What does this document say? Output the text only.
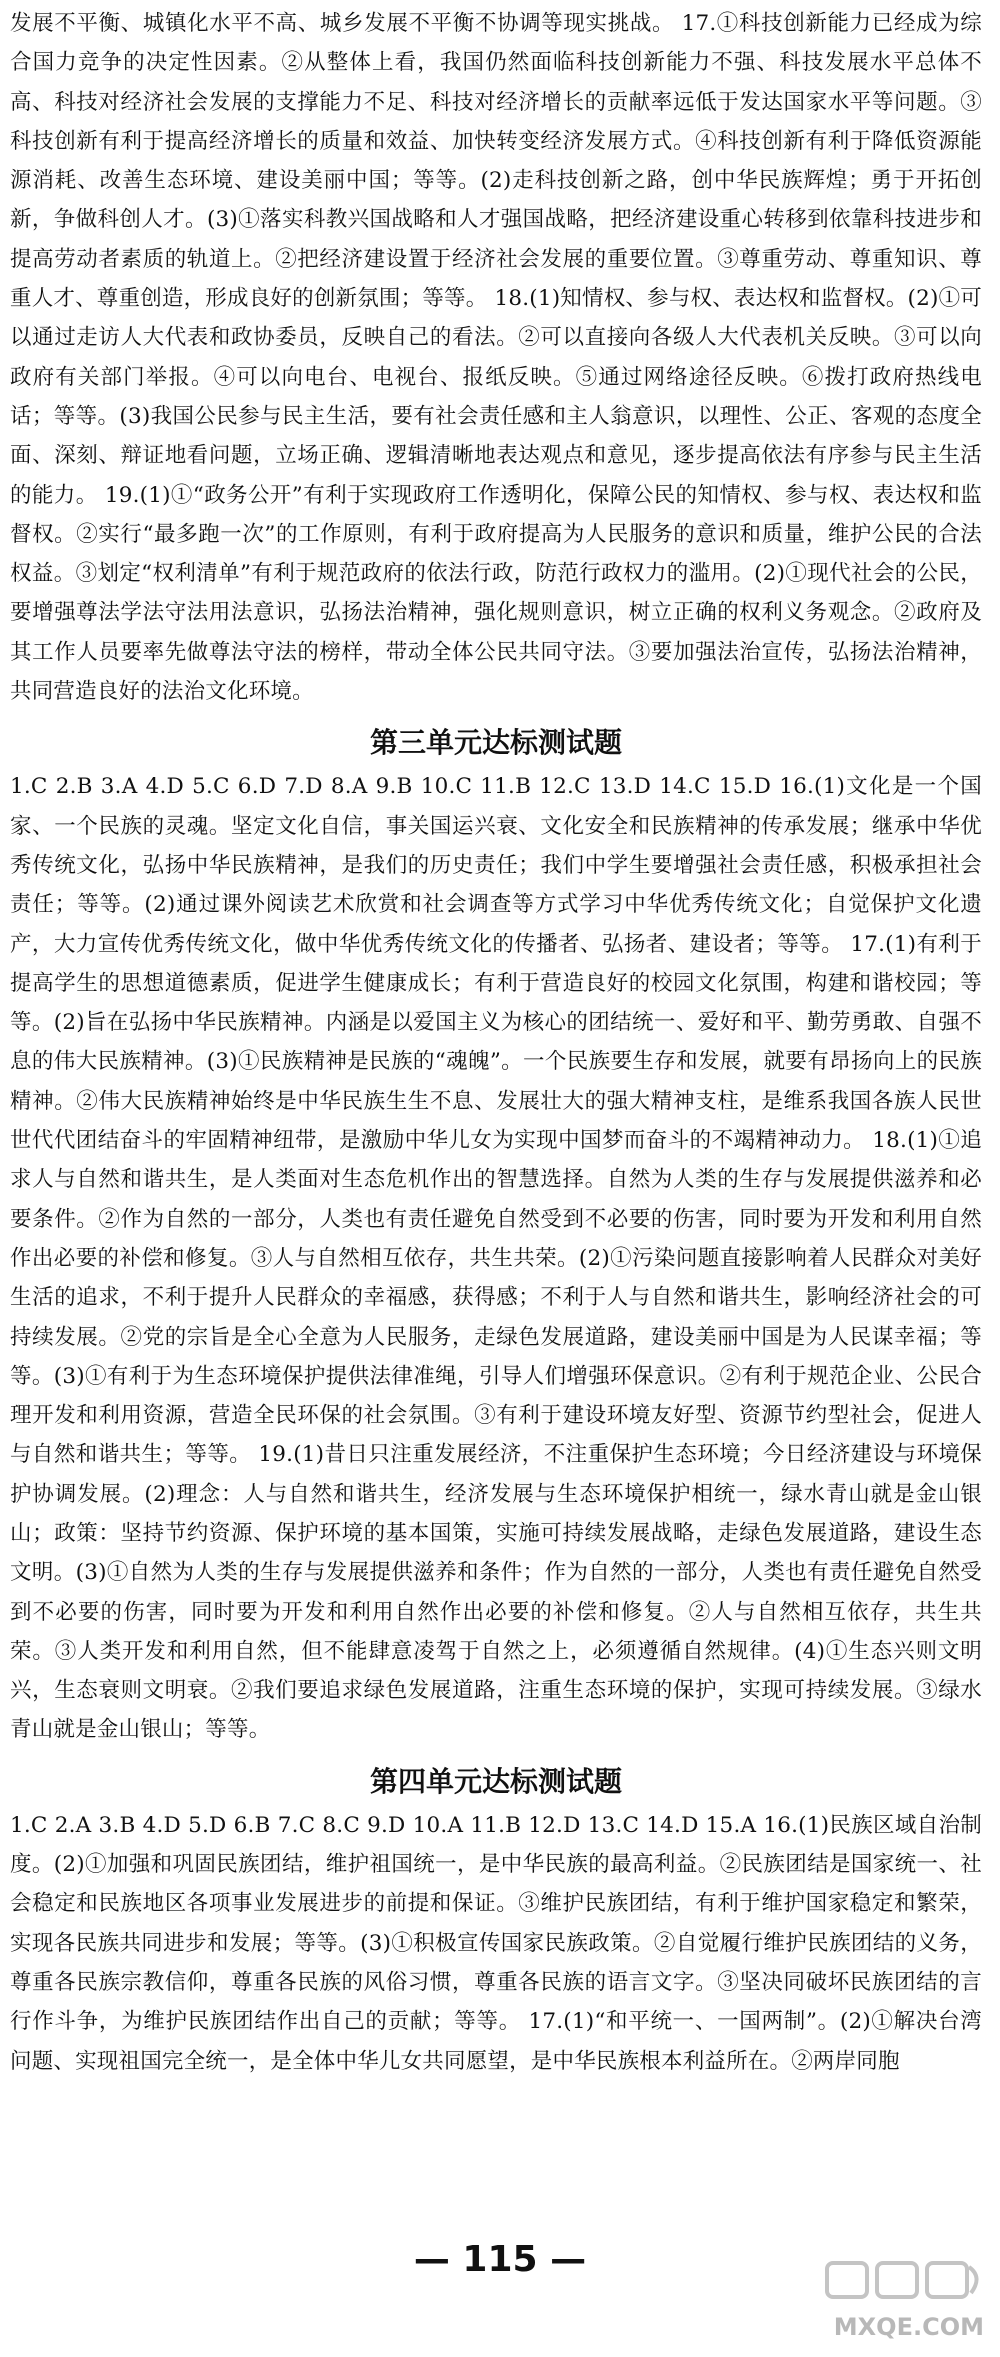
发展不平衡、城镇化水平不高、城乡发展不平衡不协调等现实挑战。 17.①科技创新能力已经成为综合国力竞争的决定性因素。②从整体上看，我国仍然面临科技创新能力不强、科技发展水平总体不高、科技对经济社会发展的支撑能力不足、科技对经济增长的贡献率远低于发达国家水平等问题。③科技创新有利于提高经济增长的质量和效益、加快转变经济发展方式。④科技创新有利于降低资源能源消耗、改善生态环境、建设美丽中国；等等。(2)走科技创新之路，创中华民族辉煌；勇于开拓创新，争做科创人才。(3)①落实科教兴国战略和人才强国战略，把经济建设重心转移到依靠科技进步和提高劳动者素质的轨道上。②把经济建设置于经济社会发展的重要位置。③尊重劳动、尊重知识、尊重人才、尊重创造，形成良好的创新氛围；等等。 18.(1)知情权、参与权、表达权和监督权。(2)①可以通过走访人大代表和政协委员，反映自己的看法。②可以直接向各级人大代表机关反映。③可以向政府有关部门举报。④可以向电台、电视台、报纸反映。⑤通过网络途径反映。⑥拨打政府热线电话；等等。(3)我国公民参与民主生活，要有社会责任感和主人翁意识，以理性、公正、客观的态度全面、深刻、辩证地看问题，立场正确、逻辑清晰地表达观点和意见，逐步提高依法有序参与民主生活的能力。 19.(1)①“政务公开”有利于实现政府工作透明化，保障公民的知情权、参与权、表达权和监督权。②实行“最多跑一次”的工作原则，有利于政府提高为人民服务的意识和质量，维护公民的合法权益。③划定“权利清单”有利于规范政府的依法行政，防范行政权力的滥用。(2)①现代社会的公民，要增强尊法学法守法用法意识，弘扬法治精神，强化规则意识，树立正确的权利义务观念。②政府及其工作人员要率先做尊法守法的榜样，带动全体公民共同守法。③要加强法治宣传，弘扬法治精神，共同营造良好的法治文化环境。

第三单元达标测试题

1.C 2.B 3.A 4.D 5.C 6.D 7.D 8.A 9.B 10.C 11.B 12.C 13.D 14.C 15.D 16.(1)文化是一个国家、一个民族的灵魂。坚定文化自信，事关国运兴衰、文化安全和民族精神的传承发展；继承中华优秀传统文化，弘扬中华民族精神，是我们的历史责任；我们中学生要增强社会责任感，积极承担社会责任；等等。(2)通过课外阅读艺术欣赏和社会调查等方式学习中华优秀传统文化；自觉保护文化遗产，大力宣传优秀传统文化，做中华优秀传统文化的传播者、弘扬者、建设者；等等。 17.(1)有利于提高学生的思想道德素质，促进学生健康成长；有利于营造良好的校园文化氛围，构建和谐校园；等等。(2)旨在弘扬中华民族精神。内涵是以爱国主义为核心的团结统一、爱好和平、勤劳勇敢、自强不息的伟大民族精神。(3)①民族精神是民族的“魂魄”。一个民族要生存和发展，就要有昂扬向上的民族精神。②伟大民族精神始终是中华民族生生不息、发展壮大的强大精神支柱，是维系我国各族人民世世代代团结奋斗的牢固精神纽带，是激励中华儿女为实现中国梦而奋斗的不竭精神动力。 18.(1)①追求人与自然和谐共生，是人类面对生态危机作出的智慧选择。自然为人类的生存与发展提供滋养和必要条件。②作为自然的一部分，人类也有责任避免自然受到不必要的伤害，同时要为开发和利用自然作出必要的补偿和修复。③人与自然相互依存，共生共荣。(2)①污染问题直接影响着人民群众对美好生活的追求，不利于提升人民群众的幸福感，获得感；不利于人与自然和谐共生，影响经济社会的可持续发展。②党的宗旨是全心全意为人民服务，走绿色发展道路，建设美丽中国是为人民谋幸福；等等。(3)①有利于为生态环境保护提供法律准绳，引导人们增强环保意识。②有利于规范企业、公民合理开发和利用资源，营造全民环保的社会氛围。③有利于建设环境友好型、资源节约型社会，促进人与自然和谐共生；等等。 19.(1)昔日只注重发展经济，不注重保护生态环境；今日经济建设与环境保护协调发展。(2)理念：人与自然和谐共生，经济发展与生态环境保护相统一，绿水青山就是金山银山；政策：坚持节约资源、保护环境的基本国策，实施可持续发展战略，走绿色发展道路，建设生态文明。(3)①自然为人类的生存与发展提供滋养和条件；作为自然的一部分，人类也有责任避免自然受到不必要的伤害，同时要为开发和利用自然作出必要的补偿和修复。②人与自然相互依存，共生共荣。③人类开发和利用自然，但不能肆意凌驾于自然之上，必须遵循自然规律。(4)①生态兴则文明兴，生态衰则文明衰。②我们要追求绿色发展道路，注重生态环境的保护，实现可持续发展。③绿水青山就是金山银山；等等。

第四单元达标测试题

1.C 2.A 3.B 4.D 5.D 6.B 7.C 8.C 9.D 10.A 11.B 12.D 13.C 14.D 15.A 16.(1)民族区域自治制度。(2)①加强和巩固民族团结，维护祖国统一，是中华民族的最高利益。②民族团结是国家统一、社会稳定和民族地区各项事业发展进步的前提和保证。③维护民族团结，有利于维护国家稳定和繁荣，实现各民族共同进步和发展；等等。(3)①积极宣传国家民族政策。②自觉履行维护民族团结的义务，尊重各民族宗教信仰，尊重各民族的风俗习惯，尊重各民族的语言文字。③坚决同破坏民族团结的言行作斗争，为维护民族团结作出自己的贡献；等等。 17.(1)“和平统一、一国两制”。(2)①解决台湾问题、实现祖国完全统一，是全体中华儿女共同愿望，是中华民族根本利益所在。②两岸同胞

— 115 —
MXQE.COM
